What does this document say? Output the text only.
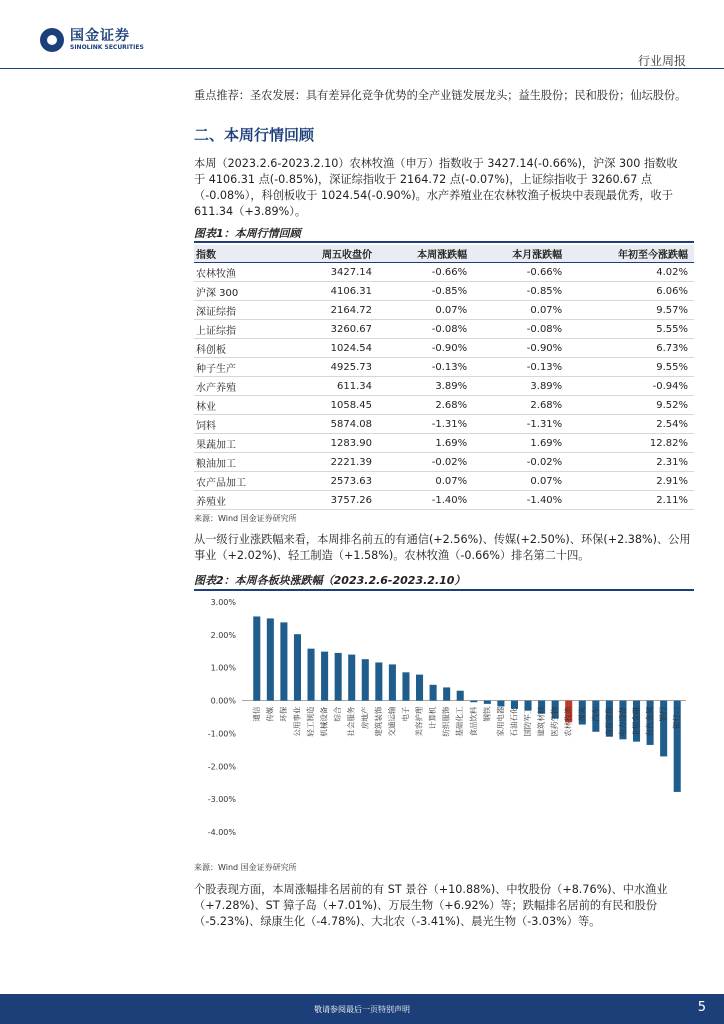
国金证券
SINOLINK SECURITIES
行业周报

重点推荐：圣农发展：具有差异化竞争优势的全产业链发展龙头；益生股份；民和股份；仙坛股份。

二、本周行情回顾

本周（2023.2.6-2023.2.10）农林牧渔（申万）指数收于 3427.14(-0.66%)，沪深 300 指数收于 4106.31 点(-0.85%)，深证综指收于 2164.72 点(-0.07%)，上证综指收于 3260.67 点（-0.08%），科创板收于 1024.54(-0.90%)。水产养殖业在农林牧渔子板块中表现最优秀，收于 611.34（+3.89%）。

图表1：本周行情回顾
指数	周五收盘价	本周涨跌幅	本月涨跌幅	年初至今涨跌幅
农林牧渔	3427.14	-0.66%	-0.66%	4.02%
沪深 300	4106.31	-0.85%	-0.85%	6.06%
深证综指	2164.72	0.07%	0.07%	9.57%
上证综指	3260.67	-0.08%	-0.08%	5.55%
科创板	1024.54	-0.90%	-0.90%	6.73%
种子生产	4925.73	-0.13%	-0.13%	9.55%
水产养殖	611.34	3.89%	3.89%	-0.94%
林业	1058.45	2.68%	2.68%	9.52%
饲料	5874.08	-1.31%	-1.31%	2.54%
果蔬加工	1283.90	1.69%	1.69%	12.82%
粮油加工	2221.39	-0.02%	-0.02%	2.31%
农产品加工	2573.63	0.07%	0.07%	2.91%
养殖业	3757.26	-1.40%	-1.40%	2.11%
来源：Wind 国金证券研究所

从一级行业涨跌幅来看，本周排名前五的有通信(+2.56%)、传媒(+2.50%)、环保(+2.38%)、公用事业（+2.02%)、轻工制造（+1.58%)。农林牧渔（-0.66%）排名第二十四。

图表2：本周各板块涨跌幅（2023.2.6-2023.2.10）
3.00%
2.00%
1.00%
0.00%
-1.00%
-2.00%
-3.00%
-4.00%
通信 传媒 环保 公用事业 轻工制造 机械设备 综合 社会服务 房地产 建筑装饰 交通运输 电子 美容护理 计算机 纺织服饰 基础化工 食品饮料 钢铁 家用电器 石油石化 国防军工 建筑材料 医药生物 农林牧渔 煤炭 汽车 商贸零售 电力设备 非银金融 有色金属 银行 银行二
来源：Wind 国金证券研究所

个股表现方面，本周涨幅排名居前的有 ST 景谷（+10.88%)、中牧股份（+8.76%)、中水渔业（+7.28%)、ST 獐子岛（+7.01%)、万辰生物（+6.92%）等；跌幅排名居前的有民和股份（-5.23%)、绿康生化（-4.78%)、大北农（-3.41%)、晨光生物（-3.03%）等。

敬请参阅最后一页特别声明	5
